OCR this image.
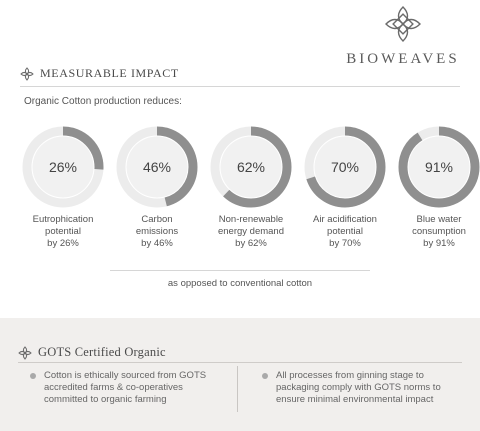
BIOWEAVES
MEASURABLE IMPACT
Organic Cotton production reduces:
26%
Eutrophication
potential
by 26%
46%
Carbon
emissions
by 46%
62%
Non-renewable
energy demand
by 62%
70%
Air acidification
potential
by 70%
91%
Blue water
consumption
by 91%
as opposed to conventional cotton
GOTS Certified Organic
Cotton is ethically sourced from GOTS
accredited farms & co-operatives
committed to organic farming
All processes from ginning stage to
packaging comply with GOTS norms to
ensure minimal environmental impact
